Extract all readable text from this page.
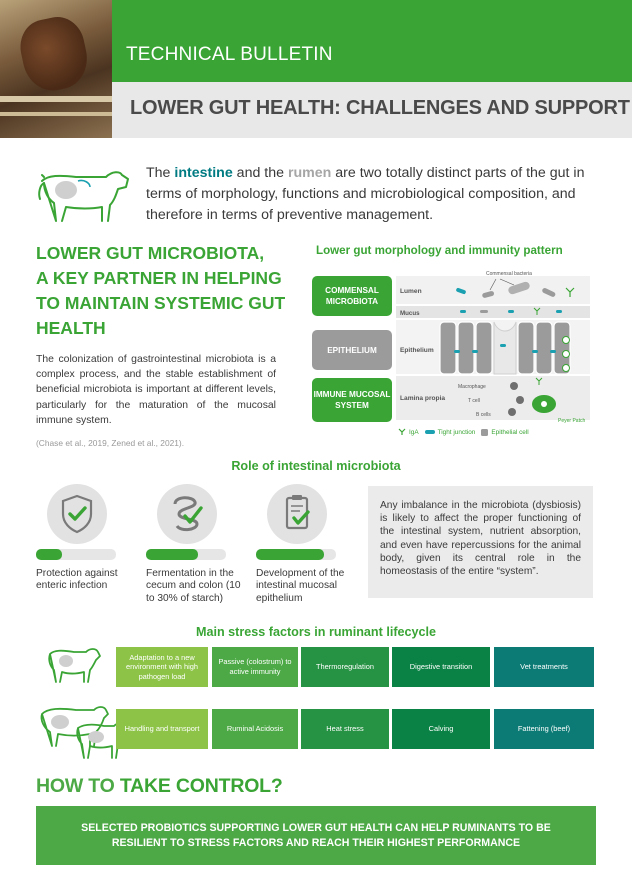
TECHNICAL BULLETIN
LOWER GUT HEALTH: CHALLENGES AND SUPPORT
The intestine and the rumen are two totally distinct parts of the gut in terms of morphology, functions and microbiological composition, and therefore in terms of preventive management.
LOWER GUT MICROBIOTA,
A KEY PARTNER IN HELPING
TO MAINTAIN SYSTEMIC GUT
HEALTH
The colonization of gastrointestinal microbiota is a complex process, and the stable establishment of beneficial microbiota is important at different levels, particularly for the maturation of the mucosal immune system.
(Chase et al., 2019, Zened et al., 2021).
Lower gut morphology and immunity pattern
COMMENSAL MICROBIOTA
EPITHELIUM
IMMUNE MUCOSAL SYSTEM
Lumen
Commensal bacteria
Mucus
Epithelium
Lamina propia
Macrophage
T cell
B cells
Peyer Patch
IgA	Tight junction	Epithelial cell
Role of intestinal microbiota
Protection against enteric infection
Fermentation in the cecum and colon (10 to 30% of starch)
Development of the intestinal mucosal epithelium
Any imbalance in the microbiota (dysbiosis) is likely to affect the proper functioning of the intestinal system, nutrient absorption, and even have repercussions for the animal body, given its central role in the homeostasis of the entire “system”.
Main stress factors in ruminant lifecycle
Adaptation to a new environment with high pathogen load
Passive (colostrum) to active immunity
Thermoregulation	Digestive transition	Vet treatments
Handling and transport	Ruminal Acidosis	Heat stress	Calving	Fattening (beef)
HOW TO TAKE CONTROL?
SELECTED PROBIOTICS SUPPORTING LOWER GUT HEALTH CAN HELP RUMINANTS TO BE RESILIENT TO STRESS FACTORS AND REACH THEIR HIGHEST PERFORMANCE
